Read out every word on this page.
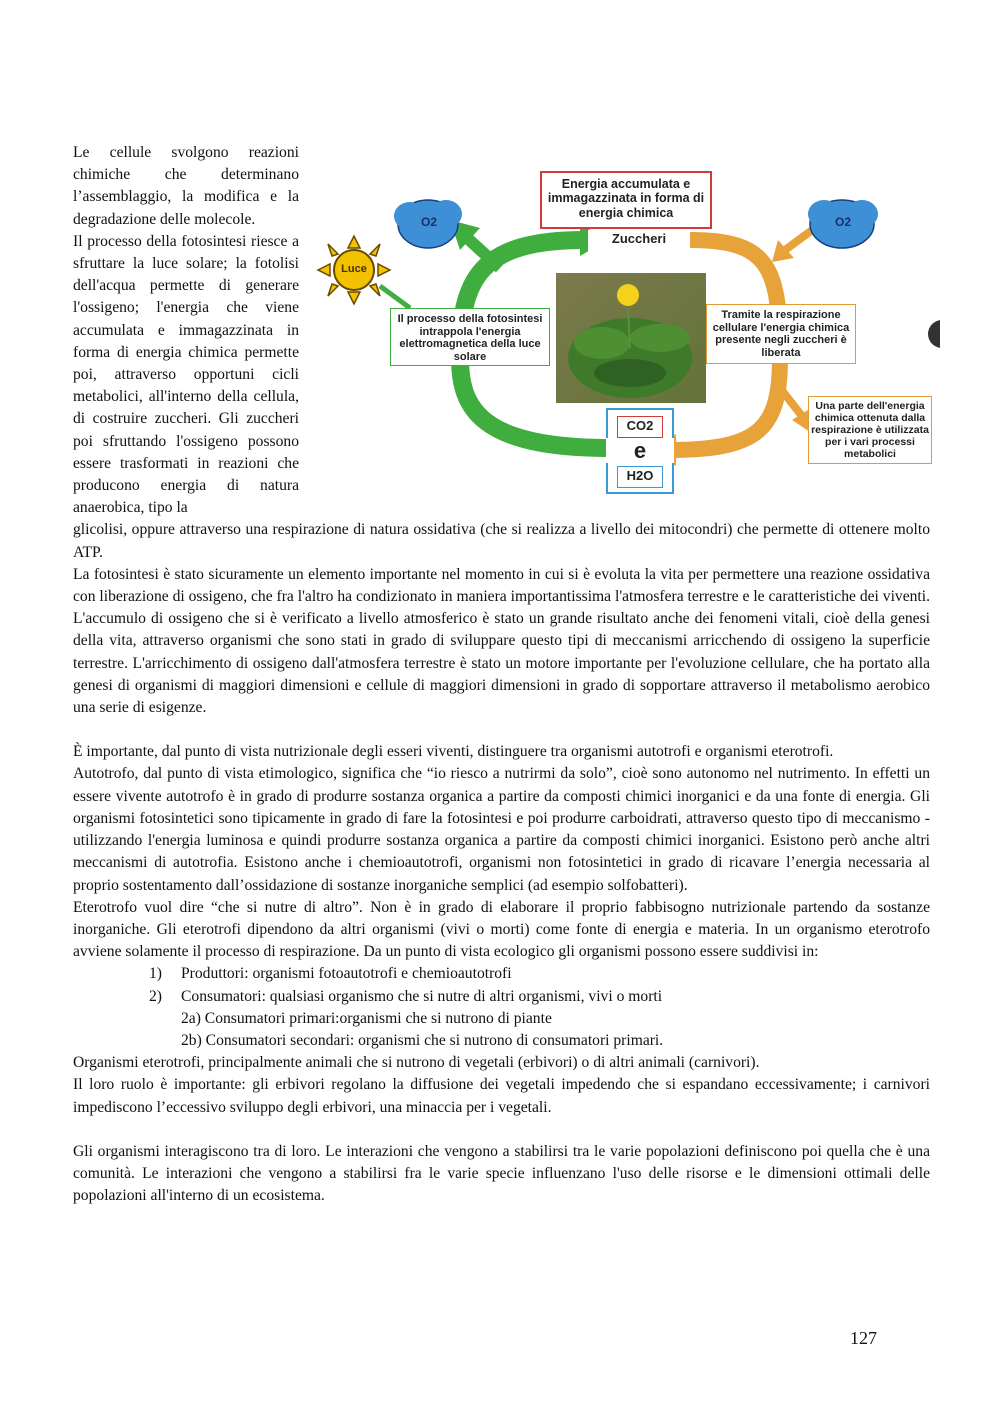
Energia accumulata e immagazzinata in forma di energia chimica
Zuccheri
O2	O2
Luce
Il processo della fotosintesi intrappola l'energia elettromagnetica della luce solare
Tramite la respirazione cellulare l'energia chimica presente negli zuccheri è liberata
Una parte dell'energia chimica ottenuta dalla respirazione è utilizzata per i vari processi metabolici
CO2
e
H2O

Le cellule svolgono reazioni chimiche che determinano l’assemblaggio, la modifica e la degradazione delle molecole.

Il processo della fotosintesi riesce a sfruttare la luce solare; la fotolisi dell'acqua permette di generare l'ossigeno; l'energia che viene accumulata e immagazzinata in forma di energia chimica permette poi, attraverso opportuni cicli metabolici, all'interno della cellula, di costruire zuccheri. Gli zuccheri poi sfruttando l'ossigeno possono essere trasformati in reazioni che producono energia di natura anaerobica, tipo la

glicolisi, oppure attraverso una respirazione di natura ossidativa (che si realizza a livello dei mitocondri) che permette di ottenere molto ATP.

La fotosintesi è stato sicuramente un elemento importante nel momento in cui si è evoluta la vita per permettere una reazione ossidativa con liberazione di ossigeno, che fra l'altro ha condizionato in maniera importantissima l'atmosfera terrestre e le caratteristiche dei viventi. L'accumulo di ossigeno che si è verificato a livello atmosferico è stato un grande risultato anche dei fenomeni vitali, cioè della genesi della vita, attraverso organismi che sono stati in grado di sviluppare questo tipi di meccanismi arricchendo di ossigeno la superficie terrestre. L'arricchimento di ossigeno dall'atmosfera terrestre è stato un motore importante per l'evoluzione cellulare, che ha portato alla genesi di organismi di maggiori dimensioni e cellule di maggiori dimensioni in grado di sopportare attraverso il metabolismo aerobico una serie di esigenze.

È importante, dal punto di vista nutrizionale degli esseri viventi, distinguere tra organismi autotrofi e organismi eterotrofi.

Autotrofo, dal punto di vista etimologico, significa che “io riesco a nutrirmi da solo”, cioè sono autonomo nel nutrimento. In effetti un essere vivente autotrofo è in grado di produrre sostanza organica a partire da composti chimici inorganici e da una fonte di energia. Gli organismi fotosintetici sono tipicamente in grado di fare la fotosintesi e poi produrre carboidrati, attraverso questo tipo di meccanismo - utilizzando l'energia luminosa e quindi produrre sostanza organica a partire da composti chimici inorganici. Esistono però anche altri meccanismi di autotrofia. Esistono anche i chemioautotrofi, organismi non fotosintetici in grado di ricavare l’energia necessaria al proprio sostentamento dall’ossidazione di sostanze inorganiche semplici (ad esempio solfobatteri).

Eterotrofo vuol dire “che si nutre di altro”. Non è in grado di elaborare il proprio fabbisogno nutrizionale partendo da sostanze inorganiche. Gli eterotrofi dipendono da altri organismi (vivi o morti) come fonte di energia e materia. In un organismo eterotrofo avviene solamente il processo di respirazione. Da un punto di vista ecologico gli organismi possono essere suddivisi in:

1) Produttori: organismi fotoautotrofi e chemioautotrofi
2) Consumatori: qualsiasi organismo che si nutre di altri organismi, vivi o morti

2a) Consumatori primari:organismi che si nutrono di piante

2b) Consumatori secondari: organismi che si nutrono di consumatori primari.

Organismi eterotrofi, principalmente animali che si nutrono di vegetali (erbivori) o di altri animali (carnivori).

Il loro ruolo è importante: gli erbivori regolano la diffusione dei vegetali impedendo che si espandano eccessivamente; i carnivori impediscono l’eccessivo sviluppo degli erbivori, una minaccia per i vegetali.

Gli organismi interagiscono tra di loro. Le interazioni che vengono a stabilirsi tra le varie popolazioni definiscono poi quella che è una comunità. Le interazioni che vengono a stabilirsi fra le varie specie influenzano l'uso delle risorse e le dimensioni ottimali delle popolazioni all'interno di un ecosistema.

127
